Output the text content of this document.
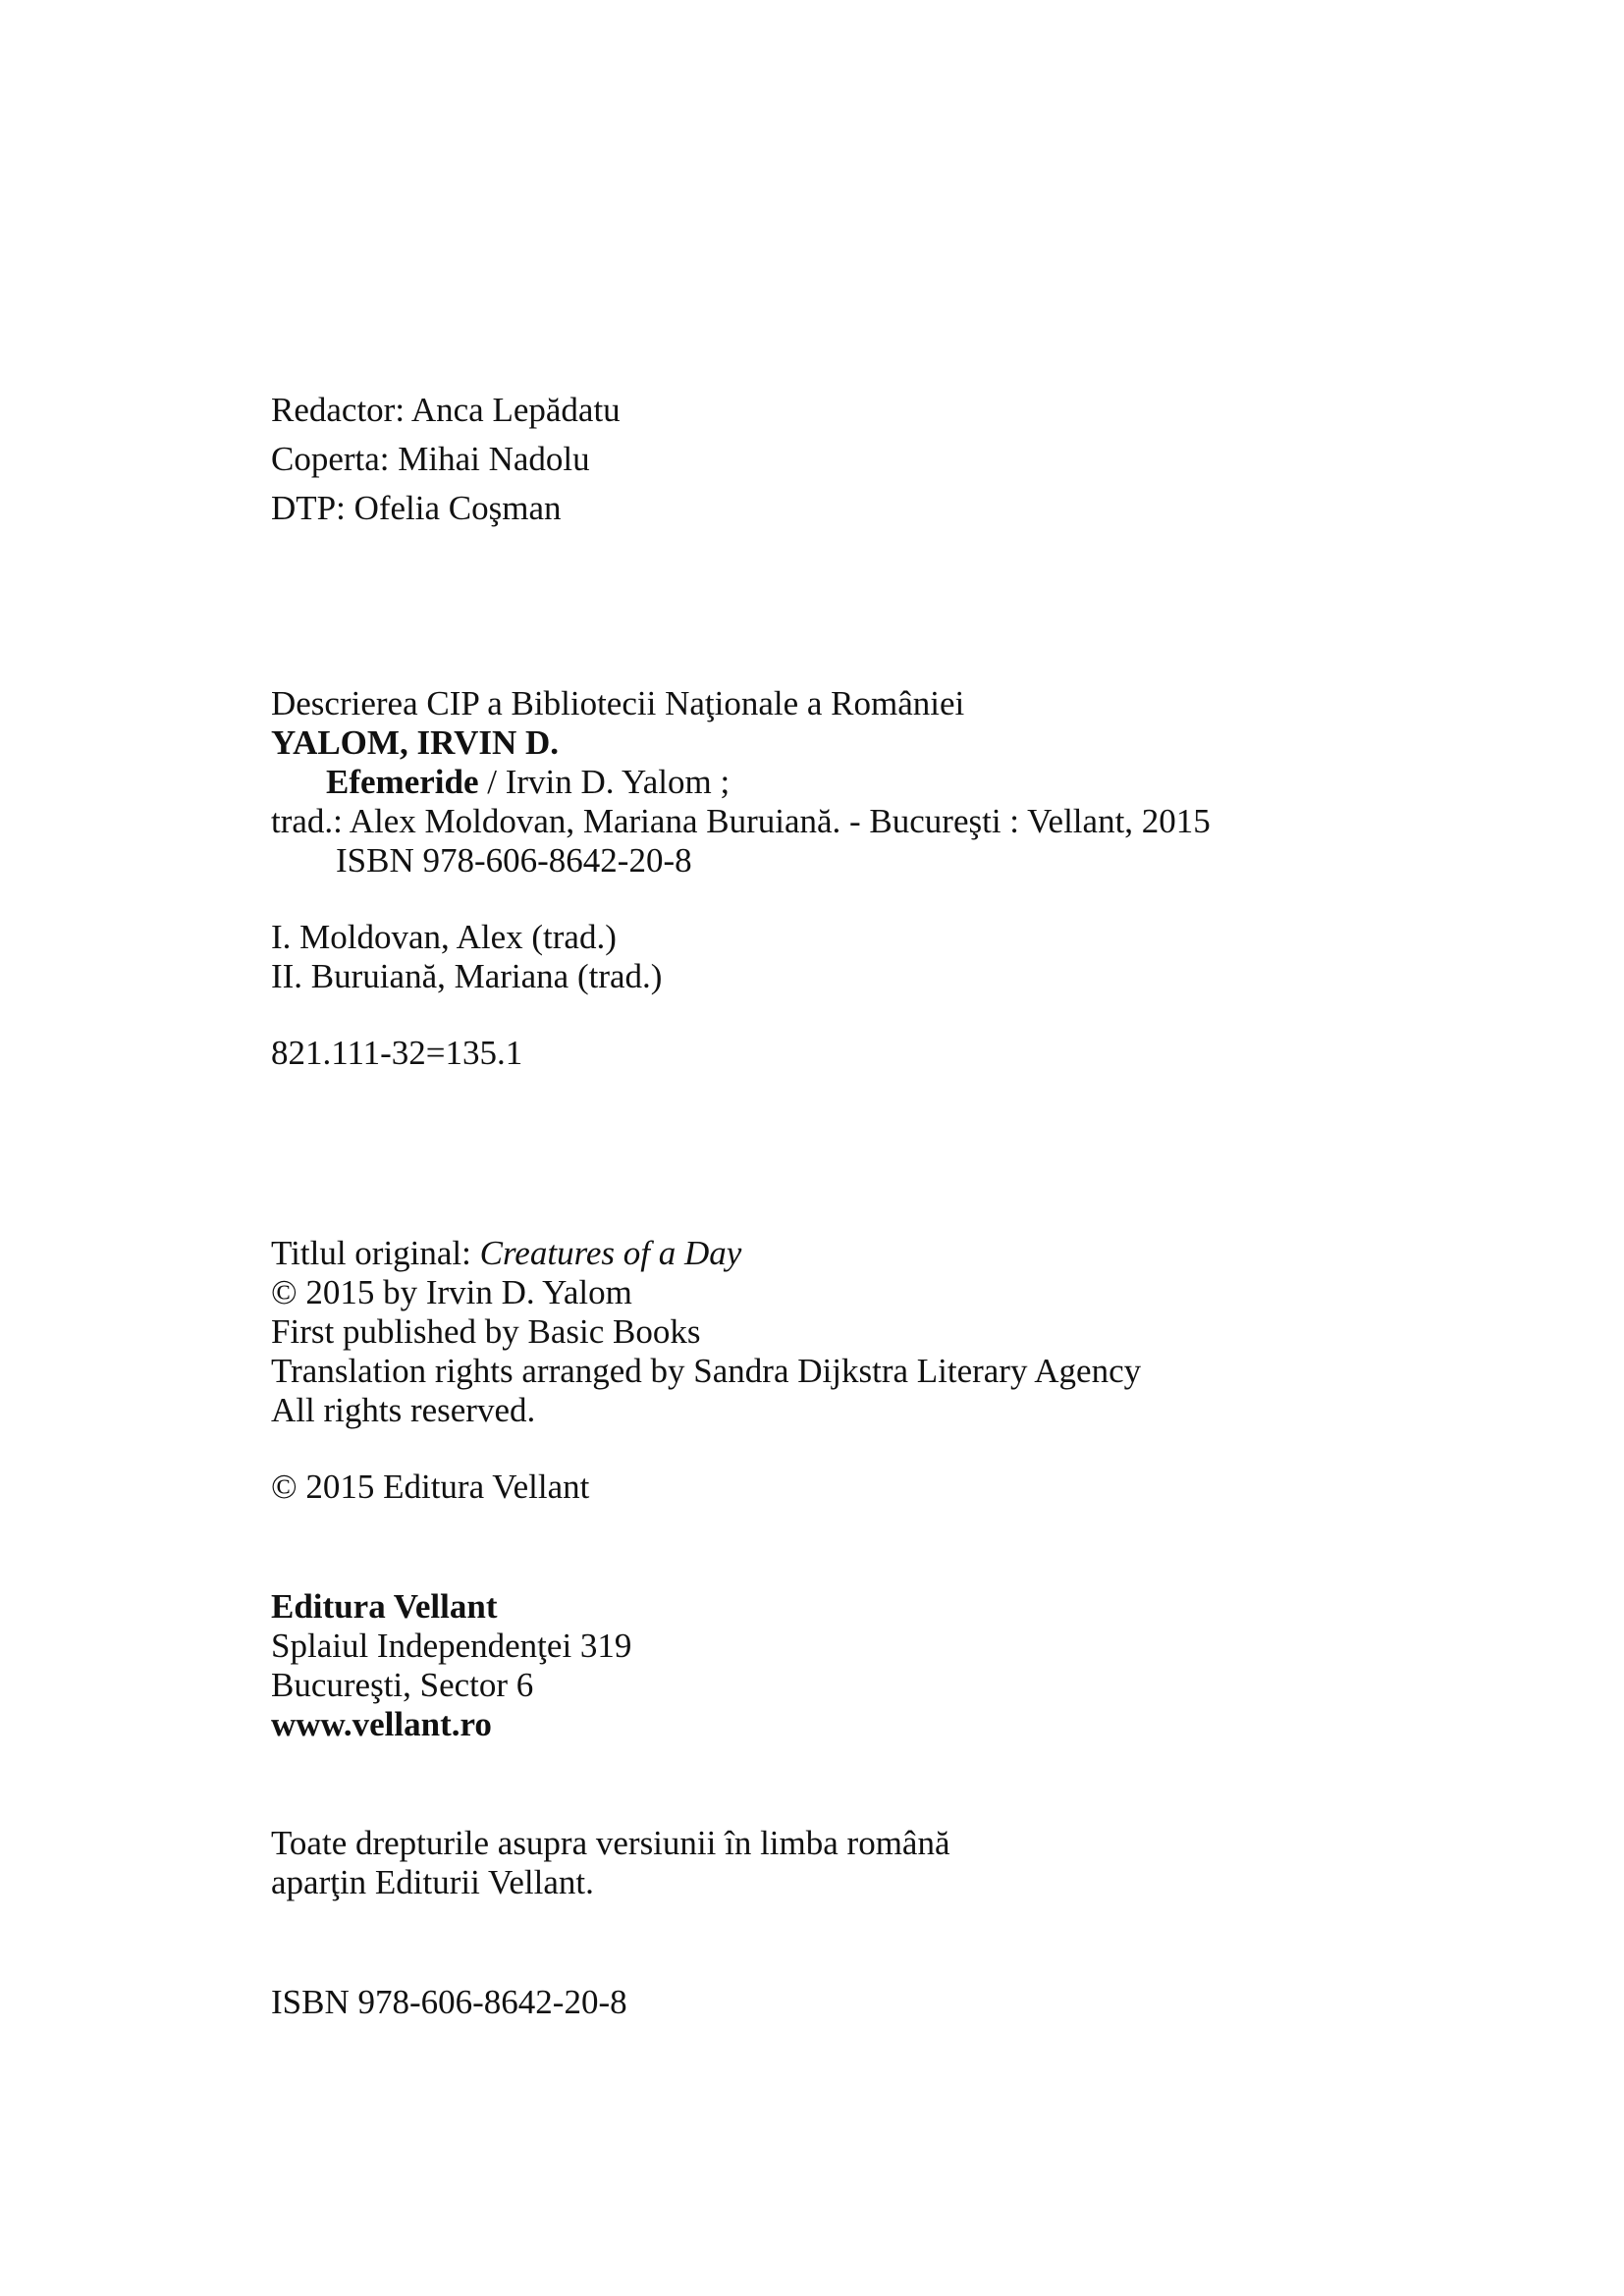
Redactor: Anca Lepădatu
Coperta: Mihai Nadolu
DTP: Ofelia Coşman
Descrierea CIP a Bibliotecii Naţionale a României
YALOM, IRVIN D.
Efemeride / Irvin D. Yalom ;
trad.: Alex Moldovan, Mariana Buruiană. - Bucureşti : Vellant, 2015
ISBN 978-606-8642-20-8
I. Moldovan, Alex (trad.)
II. Buruiană, Mariana (trad.)
821.111-32=135.1
Titlul original: Creatures of a Day
© 2015 by Irvin D. Yalom
First published by Basic Books
Translation rights arranged by Sandra Dijkstra Literary Agency
All rights reserved.
© 2015 Editura Vellant
Editura Vellant
Splaiul Independenţei 319
Bucureşti, Sector 6
www.vellant.ro
Toate drepturile asupra versiunii în limba română
aparţin Editurii Vellant.
ISBN 978-606-8642-20-8
